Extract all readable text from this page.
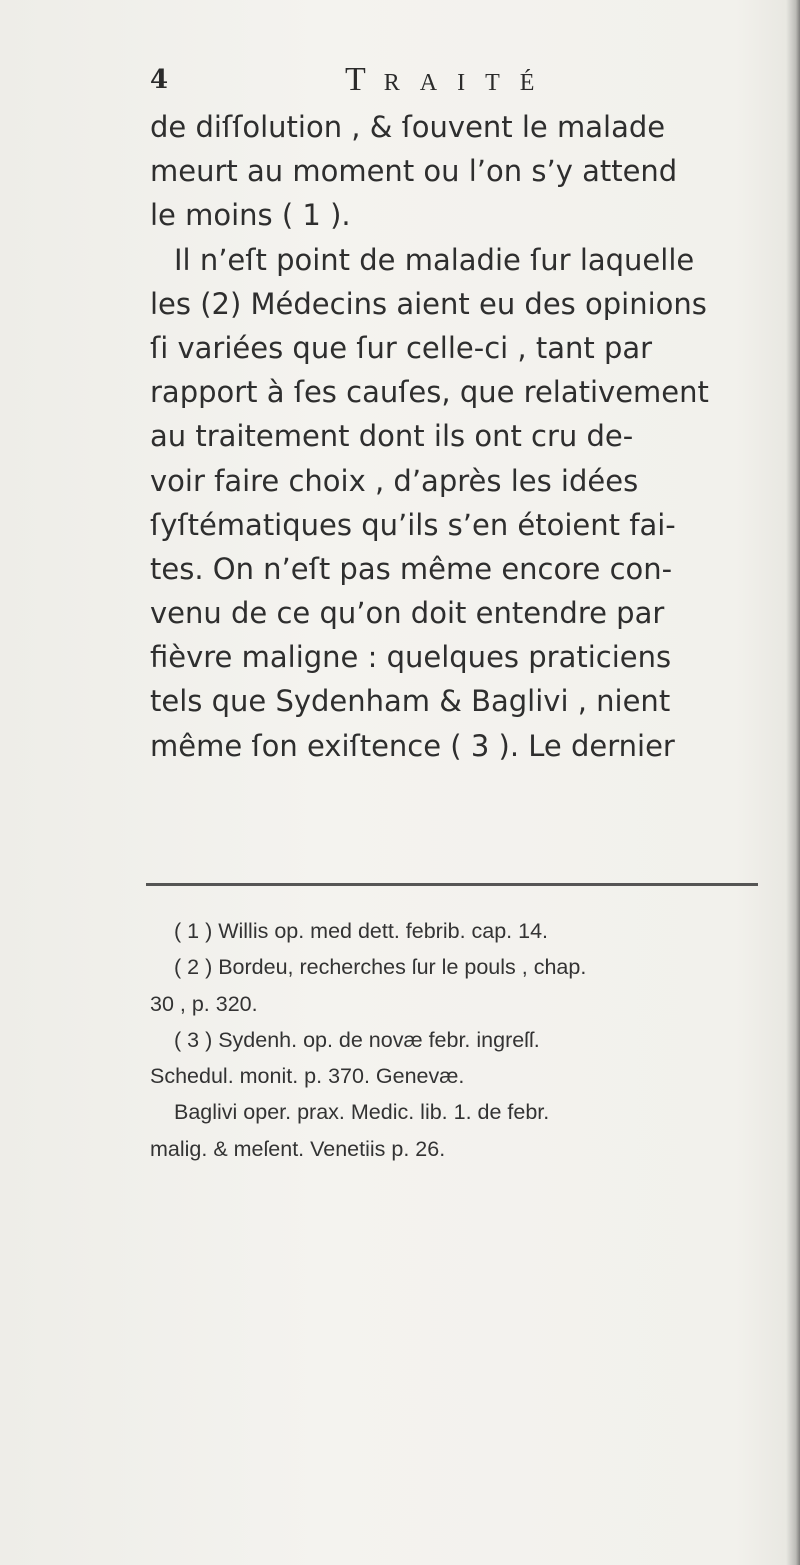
4	TRAITÉ
de diſſolution , & ſouvent le malade
meurt au moment ou l’on s’y attend
le moins ( 1 ).
Il n’eſt point de maladie ſur laquelle
les (2) Médecins aient eu des opinions
ſi variées que ſur celle-ci , tant par
rapport à ſes cauſes, que relativement
au traitement dont ils ont cru de-
voir faire choix , d’après les idées
ſyſtématiques qu’ils s’en étoient fai-
tes. On n’eſt pas même encore con-
venu de ce qu’on doit entendre par
fièvre maligne : quelques praticiens
tels que Sydenham & Baglivi , nient
même ſon exiſtence ( 3 ). Le dernier
( 1 ) Willis op. med dett. febrib. cap. 14.
( 2 ) Bordeu, recherches ſur le pouls , chap.
30 , p. 320.
( 3 ) Sydenh. op. de novæ febr. ingreſſ.
Schedul. monit. p. 370. Genevæ.
Baglivi oper. prax. Medic. lib. 1. de febr.
malig. & meſent. Venetiis p. 26.
